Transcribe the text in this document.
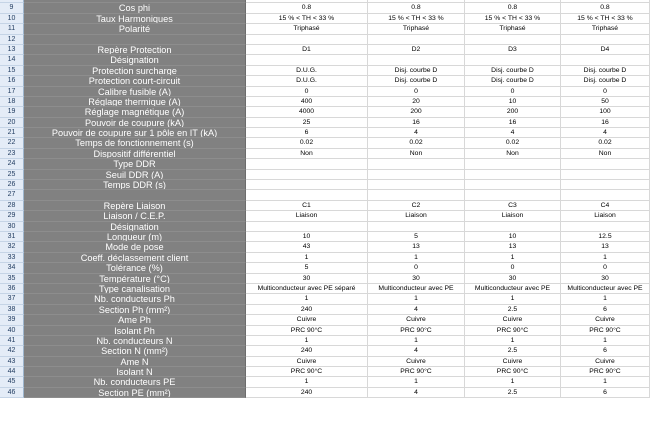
9	Cos phi	0.8	0.8	0.8	0.8
10	Taux Harmoniques	15 % < TH < 33 %	15 % < TH < 33 %	15 % < TH < 33 %	15 % < TH < 33 %
11	Polarité	Triphasé	Triphasé	Triphasé	Triphasé
12
13	Repère Protection	D1	D2	D3	D4
14	Désignation
15	Protection surcharge	D.U.G.	Disj. courbe D	Disj. courbe D	Disj. courbe D
16	Protection court-circuit	D.U.G.	Disj. courbe D	Disj. courbe D	Disj. courbe D
17	Calibre fusible (A)	0	0	0	0
18	Réglage thermique (A)	400	20	10	50
19	Réglage magnétique (A)	4000	200	200	100
20	Pouvoir de coupure (kA)	25	16	16	16
21	Pouvoir de coupure sur 1 pôle en IT (kA)	6	4	4	4
22	Temps de fonctionnement (s)	0.02	0.02	0.02	0.02
23	Dispositif différentiel	Non	Non	Non	Non
24	Type DDR
25	Seuil DDR (A)
26	Temps DDR (s)
27
28	Repère Liaison	C1	C2	C3	C4
29	Liaison / C.E.P.	Liaison	Liaison	Liaison	Liaison
30	Désignation
31	Longueur (m)	10	5	10	12.5
32	Mode de pose	43	13	13	13
33	Coeff. déclassement client	1	1	1	1
34	Tolérance (%)	5	0	0	0
35	Température (°C)	30	30	30	30
36	Type canalisation	Multiconducteur avec PE séparé	Multiconducteur avec PE	Multiconducteur avec PE	Multiconducteur avec PE
37	Nb. conducteurs Ph	1	1	1	1
38	Section Ph (mm²)	240	4	2.5	6
39	Ame Ph	Cuivre	Cuivre	Cuivre	Cuivre
40	Isolant Ph	PRC 90°C	PRC 90°C	PRC 90°C	PRC 90°C
41	Nb. conducteurs N	1	1	1	1
42	Section N (mm²)	240	4	2.5	6
43	Ame N	Cuivre	Cuivre	Cuivre	Cuivre
44	Isolant N	PRC 90°C	PRC 90°C	PRC 90°C	PRC 90°C
45	Nb. conducteurs PE	1	1	1	1
46	Section PE (mm²)	240	4	2.5	6
